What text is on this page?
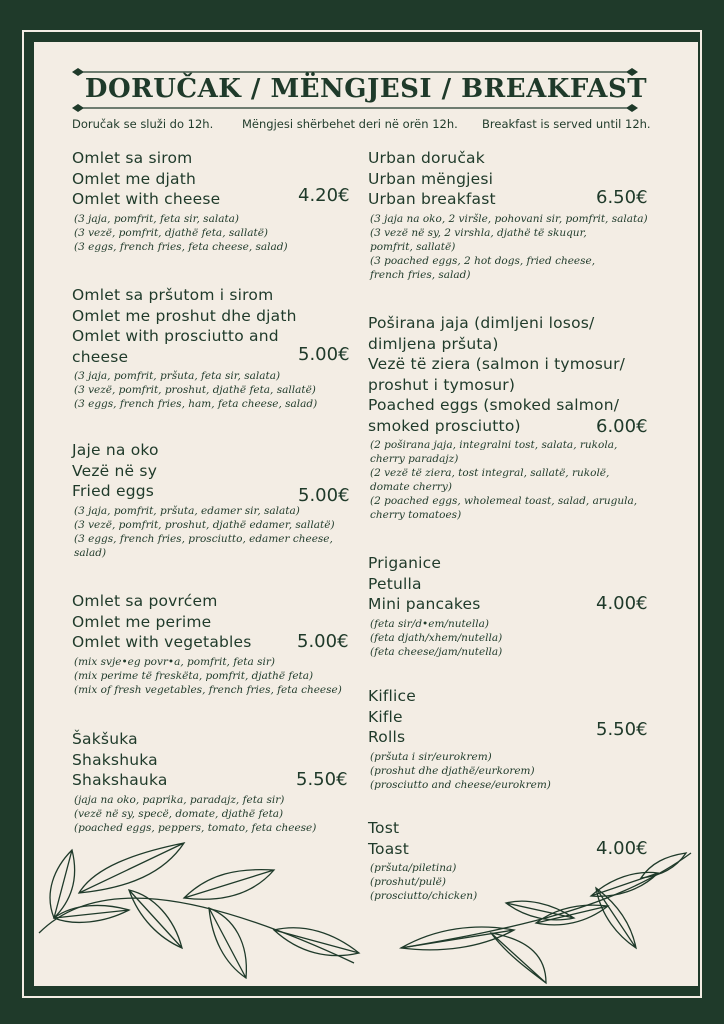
DORUČAK / MËNGJESI / BREAKFAST
Doručak se služi do 12h.	Mëngjesi shërbehet deri në orën 12h. Breakfast is served until 12h.
Omlet sa sirom
Omlet me djath
Omlet with cheese
(3 jaja, pomfrit, feta sir, salata)
(3 vezë, pomfrit, djathë feta, sallatë)
(3 eggs, french fries, feta cheese, salad)
4.20€
Omlet sa pršutom i sirom
Omlet me proshut dhe djath
Omlet with prosciutto and
cheese
(3 jaja, pomfrit, pršuta, feta sir, salata)
(3 vezë, pomfrit, proshut, djathë feta, sallatë)
(3 eggs, french fries, ham, feta cheese, salad)
5.00€
Jaje na oko
Vezë në sy
Fried eggs
(3 jaja, pomfrit, pršuta, edamer sir, salata)
(3 vezë, pomfrit, proshut, djathë edamer, sallatë)
(3 eggs, french fries, prosciutto, edamer cheese,
salad)
5.00€
Omlet sa povrćem
Omlet me perime
Omlet with vegetables
(mix svje•eg povr•a, pomfrit, feta sir)
(mix perime të freskëta, pomfrit, djathë feta)
(mix of fresh vegetables, french fries, feta cheese)
5.00€
Šakšuka
Shakshuka
Shakshauka
(jaja na oko, paprika, paradajz, feta sir)
(vezë në sy, specë, domate, djathë feta)
(poached eggs, peppers, tomato, feta cheese)
5.50€
Urban doručak
Urban mëngjesi
Urban breakfast
(3 jaja na oko, 2 viršle, pohovani sir, pomfrit, salata)
(3 vezë në sy, 2 virshla, djathë të skuqur,
pomfrit, sallatë)
(3 poached eggs, 2 hot dogs, fried cheese,
french fries, salad)
6.50€
Poširana jaja (dimljeni losos/
dimljena pršuta)
Vezë të ziera (salmon i tymosur/
proshut i tymosur)
Poached eggs (smoked salmon/
smoked prosciutto)
(2 poširana jaja, integralni tost, salata, rukola,
cherry paradajz)
(2 vezë të ziera, tost integral, sallatë, rukolë,
domate cherry)
(2 poached eggs, wholemeal toast, salad, arugula,
cherry tomatoes)
6.00€
Priganice
Petulla
Mini pancakes
(feta sir/d•em/nutella)
(feta djath/xhem/nutella)
(feta cheese/jam/nutella)
4.00€
Kiflice
Kifle
Rolls
(pršuta i sir/eurokrem)
(proshut dhe djathë/eurkorem)
(prosciutto and cheese/eurokrem)
5.50€
Tost
Toast
(pršuta/piletina)
(proshut/pulë)
(prosciutto/chicken)
4.00€
